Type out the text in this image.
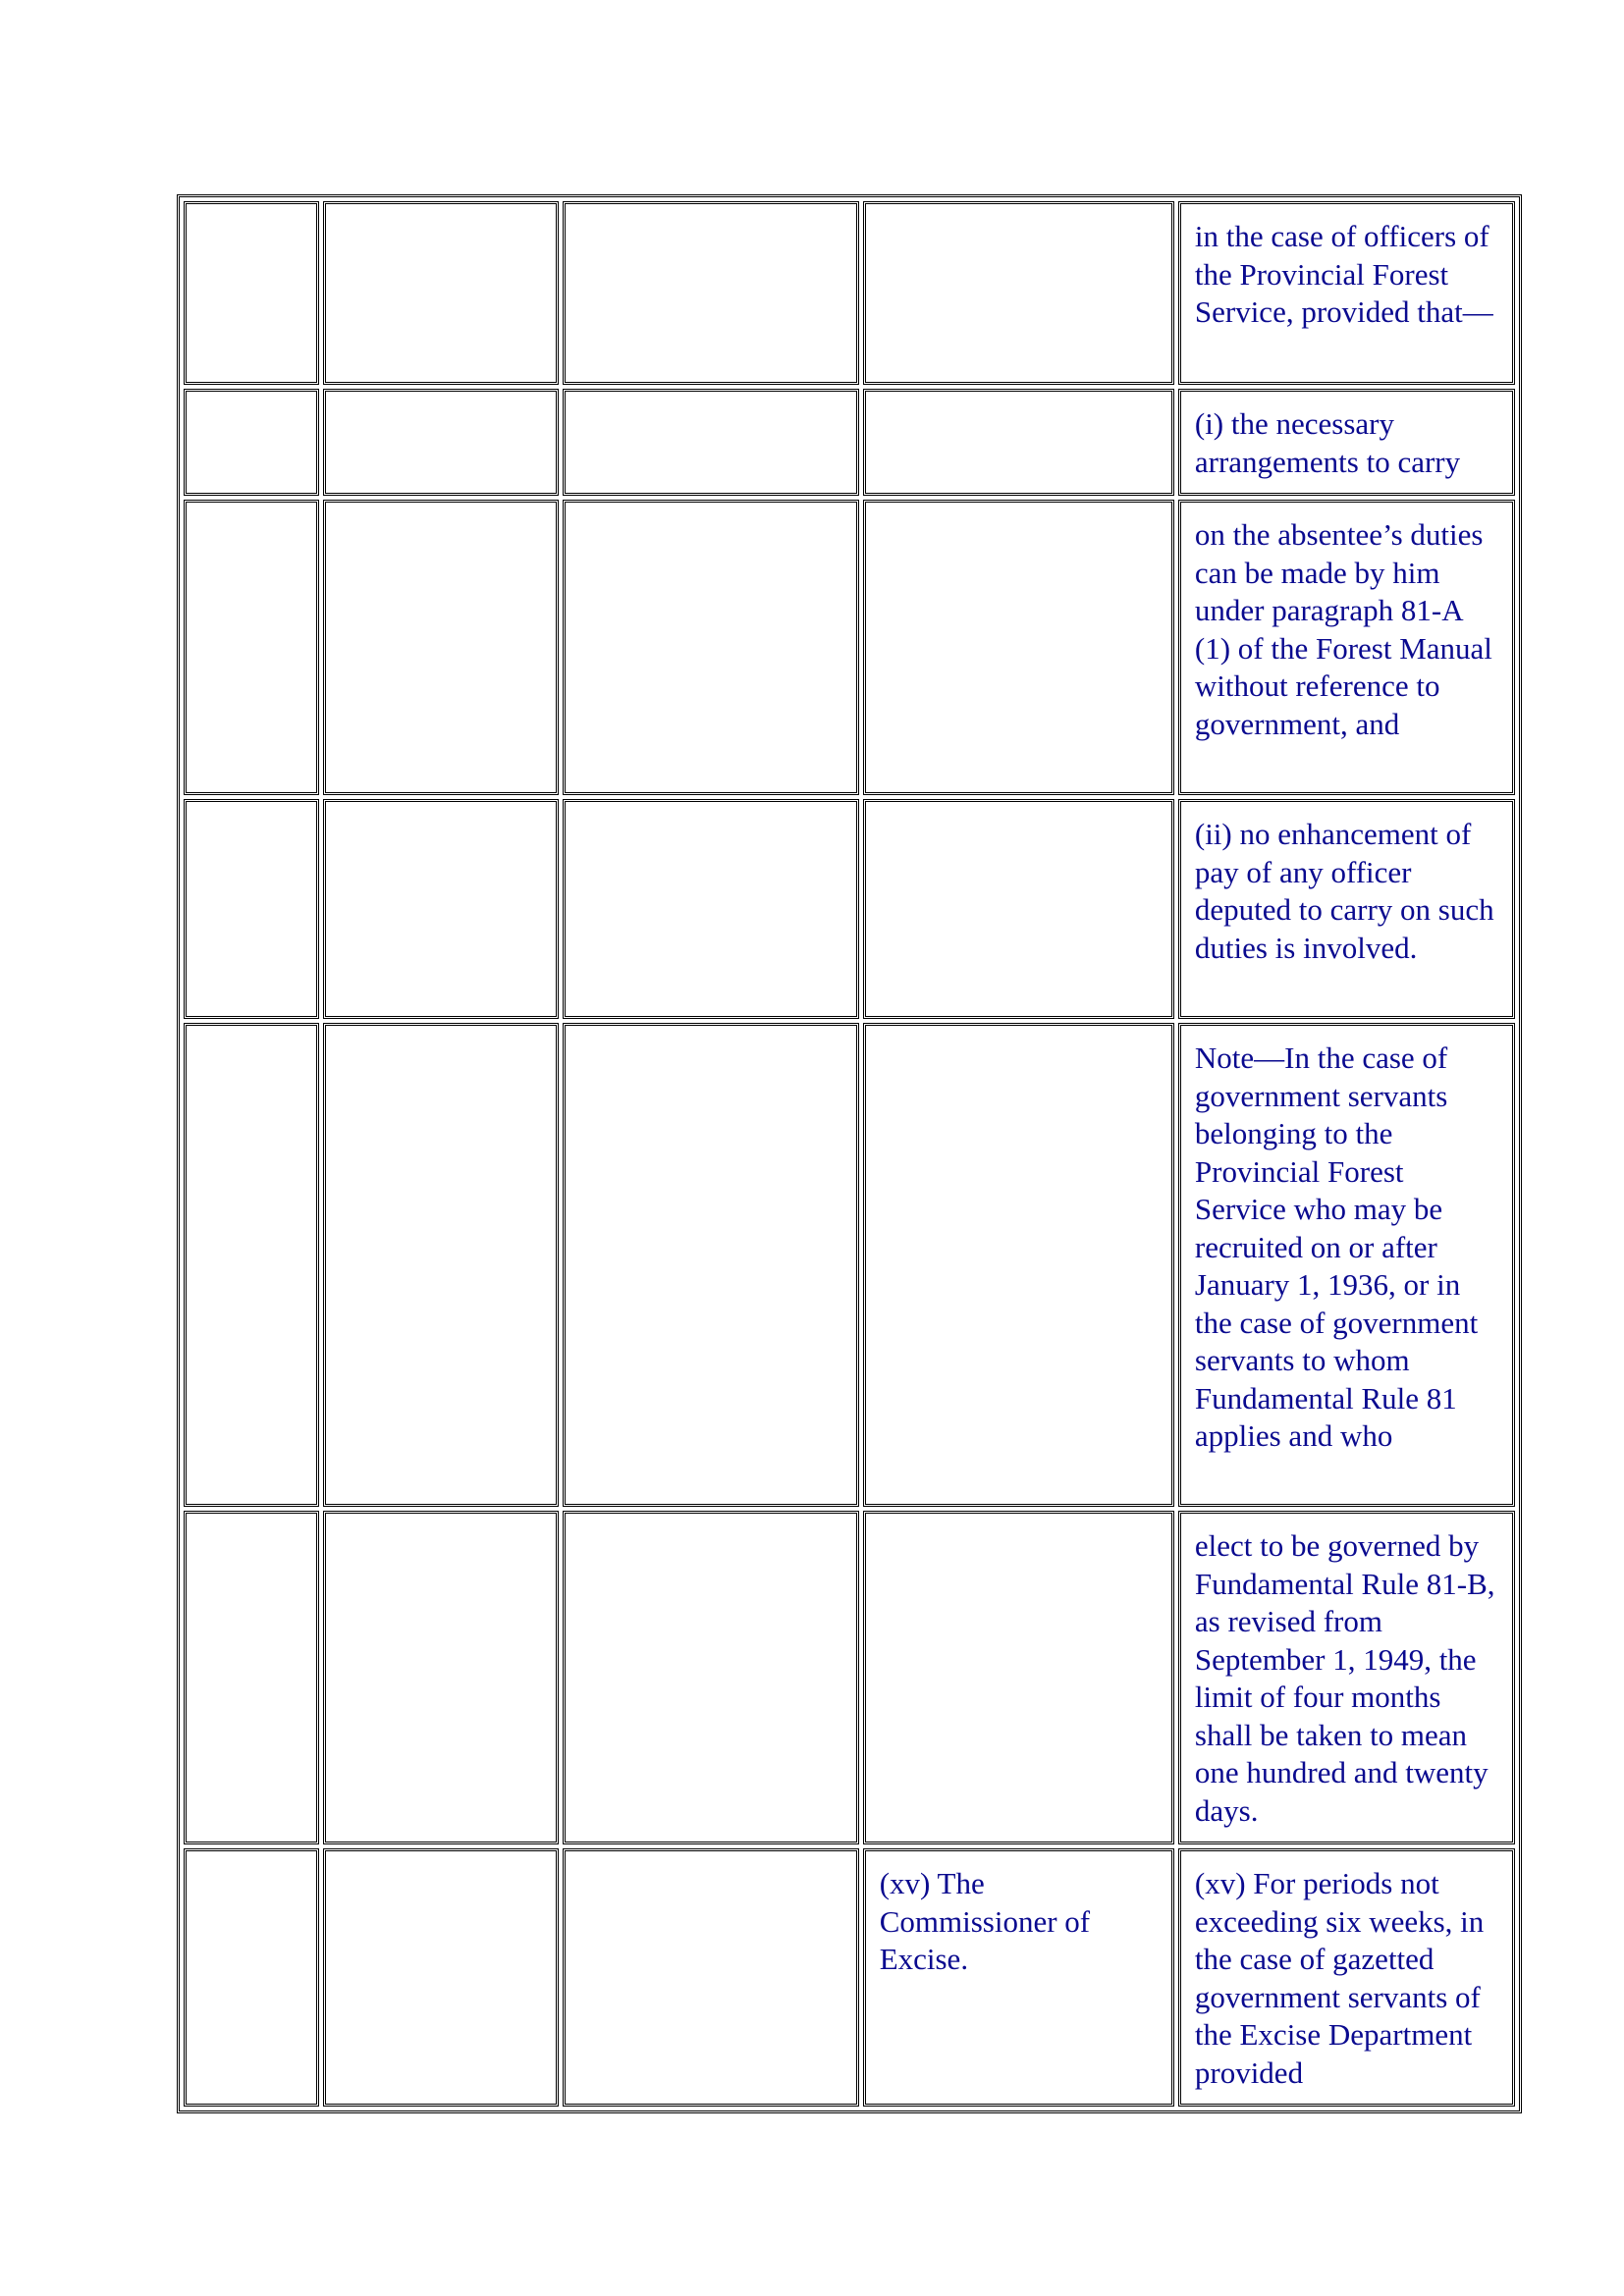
				in the case of officers of the Provincial Forest Service, provided that—
				(i) the necessary arrangements to carry
				on the absentee’s duties can be made by him under paragraph 81-A (1) of the Forest Manual without reference to government, and
				(ii) no enhancement of pay of any officer deputed to carry on such duties is involved.
				Note—In the case of government servants belonging to the Provincial Forest Service who may be recruited on or after January 1, 1936, or in the case of government servants to whom Fundamental Rule 81 applies and who
				elect to be governed by Fundamental Rule 81-B, as revised from September 1, 1949, the limit of four months shall be taken to mean one hundred and twenty days.
			(xv) The Commissioner of Excise.	(xv) For periods not exceeding six weeks, in the case of gazetted government servants of the Excise Department provided
